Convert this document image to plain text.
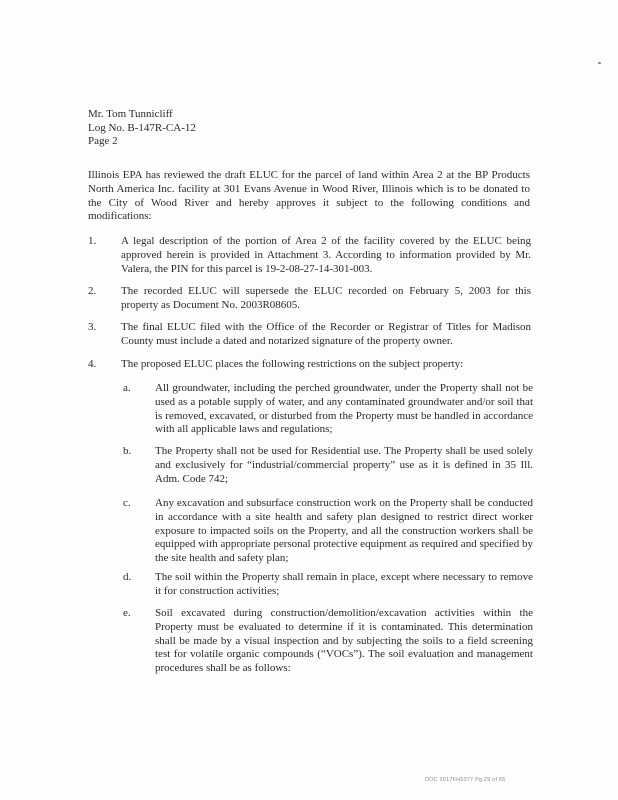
Mr. Tom Tunnicliff
Log No. B-147R-CA-12
Page 2
Illinois EPA has reviewed the draft ELUC for the parcel of land within Area 2 at the BP Products North America Inc. facility at 301 Evans Avenue in Wood River, Illinois which is to be donated to the City of Wood River and hereby approves it subject to the following conditions and modifications:
1. A legal description of the portion of Area 2 of the facility covered by the ELUC being approved herein is provided in Attachment 3. According to information provided by Mr. Valera, the PIN for this parcel is 19-2-08-27-14-301-003.
2. The recorded ELUC will supersede the ELUC recorded on February 5, 2003 for this property as Document No. 2003R08605.
3. The final ELUC filed with the Office of the Recorder or Registrar of Titles for Madison County must include a dated and notarized signature of the property owner.
4. The proposed ELUC places the following restrictions on the subject property:
a. All groundwater, including the perched groundwater, under the Property shall not be used as a potable supply of water, and any contaminated groundwater and/or soil that is removed, excavated, or disturbed from the Property must be handled in accordance with all applicable laws and regulations;
b. The Property shall not be used for Residential use. The Property shall be used solely and exclusively for “industrial/commercial property” use as it is defined in 35 Ill. Adm. Code 742;
c. Any excavation and subsurface construction work on the Property shall be conducted in accordance with a site health and safety plan designed to restrict direct worker exposure to impacted soils on the Property, and all the construction workers shall be equipped with appropriate personal protective equipment as required and specified by the site health and safety plan;
d. The soil within the Property shall remain in place, except where necessary to remove it for construction activities;
e. Soil excavated during construction/demolition/excavation activities within the Property must be evaluated to determine if it is contaminated. This determination shall be made by a visual inspection and by subjecting the soils to a field screening test for volatile organic compounds (“VOCs”). The soil evaluation and management procedures shall be as follows:
DOC 2017FH5377 Pg 29 of 65
